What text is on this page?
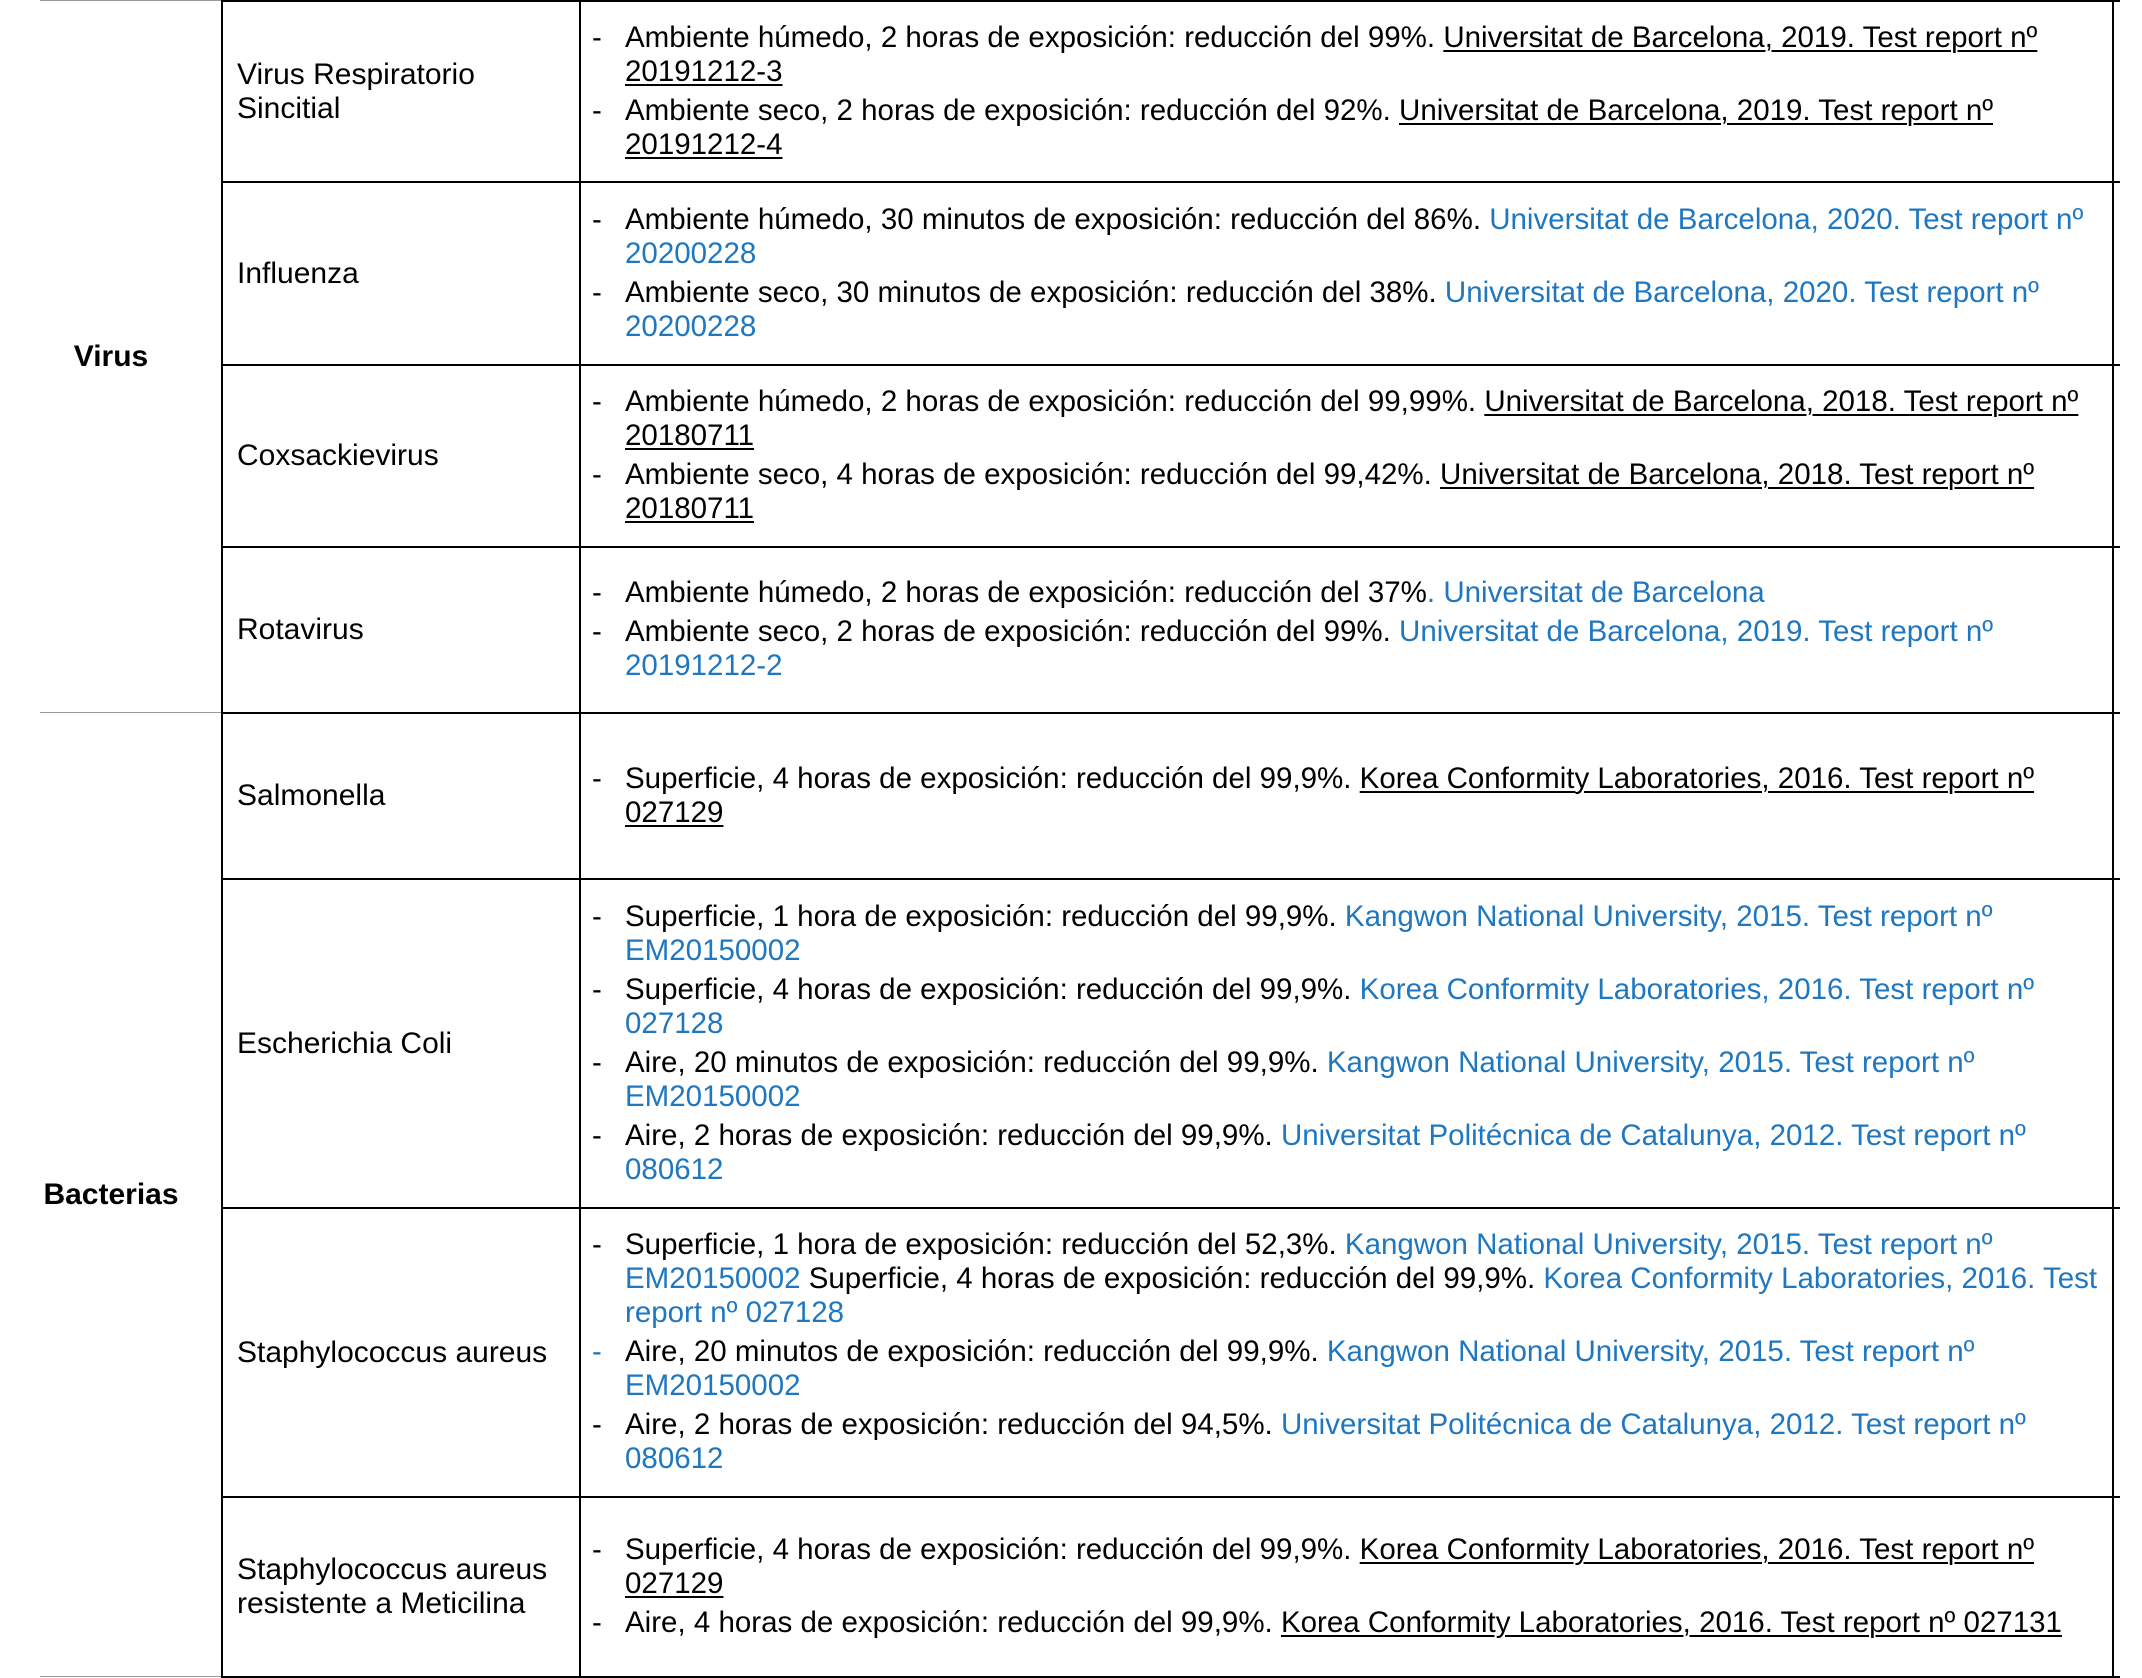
Virus
Bacterias
Virus Respiratorio Sincitial
- Ambiente húmedo, 2 horas de exposición: reducción del 99%. Universitat de Barcelona, 2019. Test report nº 20191212-3
- Ambiente seco, 2 horas de exposición: reducción del 92%. Universitat de Barcelona, 2019. Test report nº 20191212-4
Influenza
- Ambiente húmedo, 30 minutos de exposición: reducción del 86%. Universitat de Barcelona, 2020. Test report nº 20200228
- Ambiente seco, 30 minutos de exposición: reducción del 38%. Universitat de Barcelona, 2020. Test report nº 20200228
Coxsackievirus
- Ambiente húmedo, 2 horas de exposición: reducción del 99,99%. Universitat de Barcelona, 2018. Test report nº 20180711
- Ambiente seco, 4 horas de exposición: reducción del 99,42%. Universitat de Barcelona, 2018. Test report nº 20180711
Rotavirus
- Ambiente húmedo, 2 horas de exposición: reducción del 37%. Universitat de Barcelona
- Ambiente seco, 2 horas de exposición: reducción del 99%. Universitat de Barcelona, 2019. Test report nº 20191212-2
Salmonella
- Superficie, 4 horas de exposición: reducción del 99,9%. Korea Conformity Laboratories, 2016. Test report nº 027129
Escherichia Coli
- Superficie, 1 hora de exposición: reducción del 99,9%. Kangwon National University, 2015. Test report nº EM20150002
- Superficie, 4 horas de exposición: reducción del 99,9%. Korea Conformity Laboratories, 2016. Test report nº 027128
- Aire, 20 minutos de exposición: reducción del 99,9%. Kangwon National University, 2015. Test report nº EM20150002
- Aire, 2 horas de exposición: reducción del 99,9%. Universitat Politécnica de Catalunya, 2012. Test report nº 080612
Staphylococcus aureus
- Superficie, 1 hora de exposición: reducción del 52,3%. Kangwon National University, 2015. Test report nº EM20150002 Superficie, 4 horas de exposición: reducción del 99,9%. Korea Conformity Laboratories, 2016. Test report nº 027128
- Aire, 20 minutos de exposición: reducción del 99,9%. Kangwon National University, 2015. Test report nº EM20150002
- Aire, 2 horas de exposición: reducción del 94,5%. Universitat Politécnica de Catalunya, 2012. Test report nº 080612
Staphylococcus aureus resistente a Meticilina
- Superficie, 4 horas de exposición: reducción del 99,9%. Korea Conformity Laboratories, 2016. Test report nº 027129
- Aire, 4 horas de exposición: reducción del 99,9%. Korea Conformity Laboratories, 2016. Test report nº 027131
